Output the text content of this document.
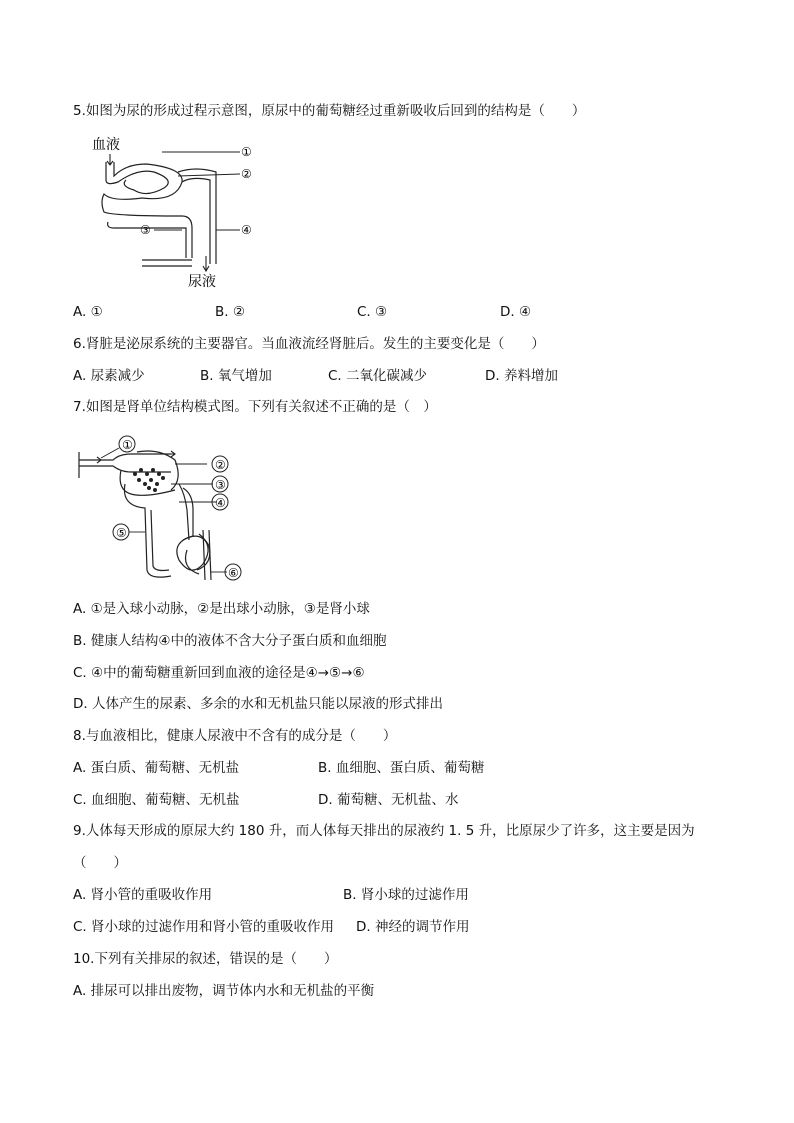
5.如图为尿的形成过程示意图，原尿中的葡萄糖经过重新吸收后回到的结构是（　　）
血液
尿液
①
②
③	④
A. ①	B. ②	C. ③	D. ④
6.肾脏是泌尿系统的主要器官。当血液流经肾脏后。发生的主要变化是（　　）
A. 尿素减少	B. 氧气增加	C. 二氧化碳减少	D. 养料增加
7.如图是肾单位结构模式图。下列有关叙述不正确的是（　）
①
②
③
④
⑤
⑥
A. ①是入球小动脉，②是出球小动脉，③是肾小球
B. 健康人结构④中的液体不含大分子蛋白质和血细胞
C. ④中的葡萄糖重新回到血液的途径是④→⑤→⑥
D. 人体产生的尿素、多余的水和无机盐只能以尿液的形式排出
8.与血液相比，健康人尿液中不含有的成分是（　　）
A. 蛋白质、葡萄糖、无机盐	B. 血细胞、蛋白质、葡萄糖
C. 血细胞、葡萄糖、无机盐	D. 葡萄糖、无机盐、水
9.人体每天形成的原尿大约 180 升，而人体每天排出的尿液约 1. 5 升，比原尿少了许多，这主要是因为
（　　）
A. 肾小管的重吸收作用	B. 肾小球的过滤作用
C. 肾小球的过滤作用和肾小管的重吸收作用 D. 神经的调节作用
10.下列有关排尿的叙述，错误的是（　　）
A. 排尿可以排出废物，调节体内水和无机盐的平衡
